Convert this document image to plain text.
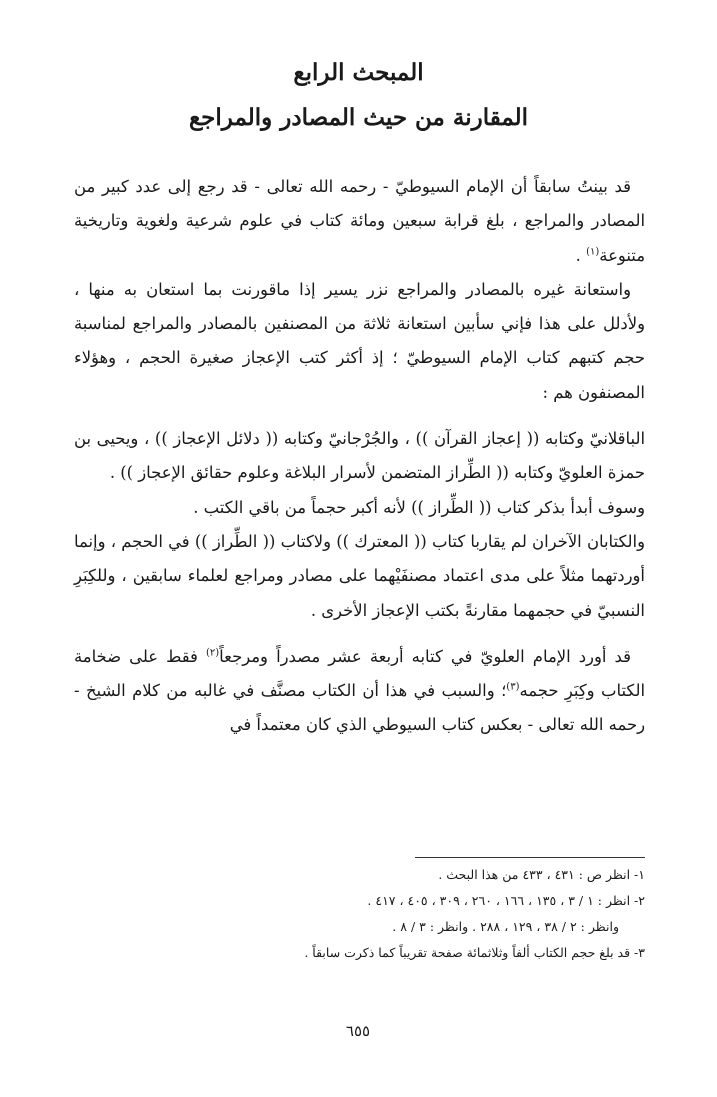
المبحث الرابع
المقارنة من حيث المصادر والمراجع

قد بينتُ سابقاً أن الإمام السيوطيّ - رحمه الله تعالى - قد رجع إلى عدد كبير من المصادر والمراجع ، بلغ قرابة سبعين ومائة كتاب في علوم شرعية ولغوية وتاريخية متنوعة$^{(١)}$ .

واستعانة غيره بالمصادر والمراجع نزر يسير إذا ماقورنت بما استعان به منها ، ولأدلل على هذا فإني سأبين استعانة ثلاثة من المصنفين بالمصادر والمراجع لمناسبة حجم كتبهم كتاب الإمام السيوطيّ ؛ إذ أكثر كتب الإعجاز صغيرة الحجم ، وهؤلاء المصنفون هم :

الباقلانيّ وكتابه (( إعجاز القرآن )) ، والجُرْجانيّ وكتابه (( دلائل الإعجاز )) ، ويحيى بن حمزة العلويّ وكتابه (( الطِّراز المتضمن لأسرار البلاغة وعلوم حقائق الإعجاز )) .

وسوف أبدأ بذكر كتاب (( الطِّراز )) لأنه أكبر حجماً من باقي الكتب .

والكتابان الآخران لم يقاربا كتاب (( المعترك )) ولاكتاب (( الطِّراز )) في الحجم ، وإنما أوردتهما مثلاً على مدى اعتماد مصنفَيْهما على مصادر ومراجع لعلماء سابقين ، وللكِبَرِ النسبيّ في حجمهما مقارنةً بكتب الإعجاز الأخرى .

قد أورد الإمام العلويّ في كتابه أربعة عشر مصدراً ومرجعاً$^{(٢)}$ فقط على ضخامة الكتاب وكِبَرِ حجمه$^{(٣)}$؛ والسبب في هذا أن الكتاب مصنَّف في غالبه من كلام الشيخ - رحمه الله تعالى - بعكس كتاب السيوطي الذي كان معتمداً في

١- انظر ص : ٤٣١ ، ٤٣٣ من هذا البحث .
٢- انظر : ١ / ٣ ، ١٣٥ ، ١٦٦ ، ٢٦٠ ، ٣٠٩ ، ٤٠٥ ، ٤١٧ .
وانظر : ٢ / ٣٨ ، ١٢٩ ، ٢٨٨ . وانظر : ٣ / ٨ .
٣- قد بلغ حجم الكتاب ألفاً وثلاثمائة صفحة تقريباً كما ذكرت سابقاً .
٦٥٥
